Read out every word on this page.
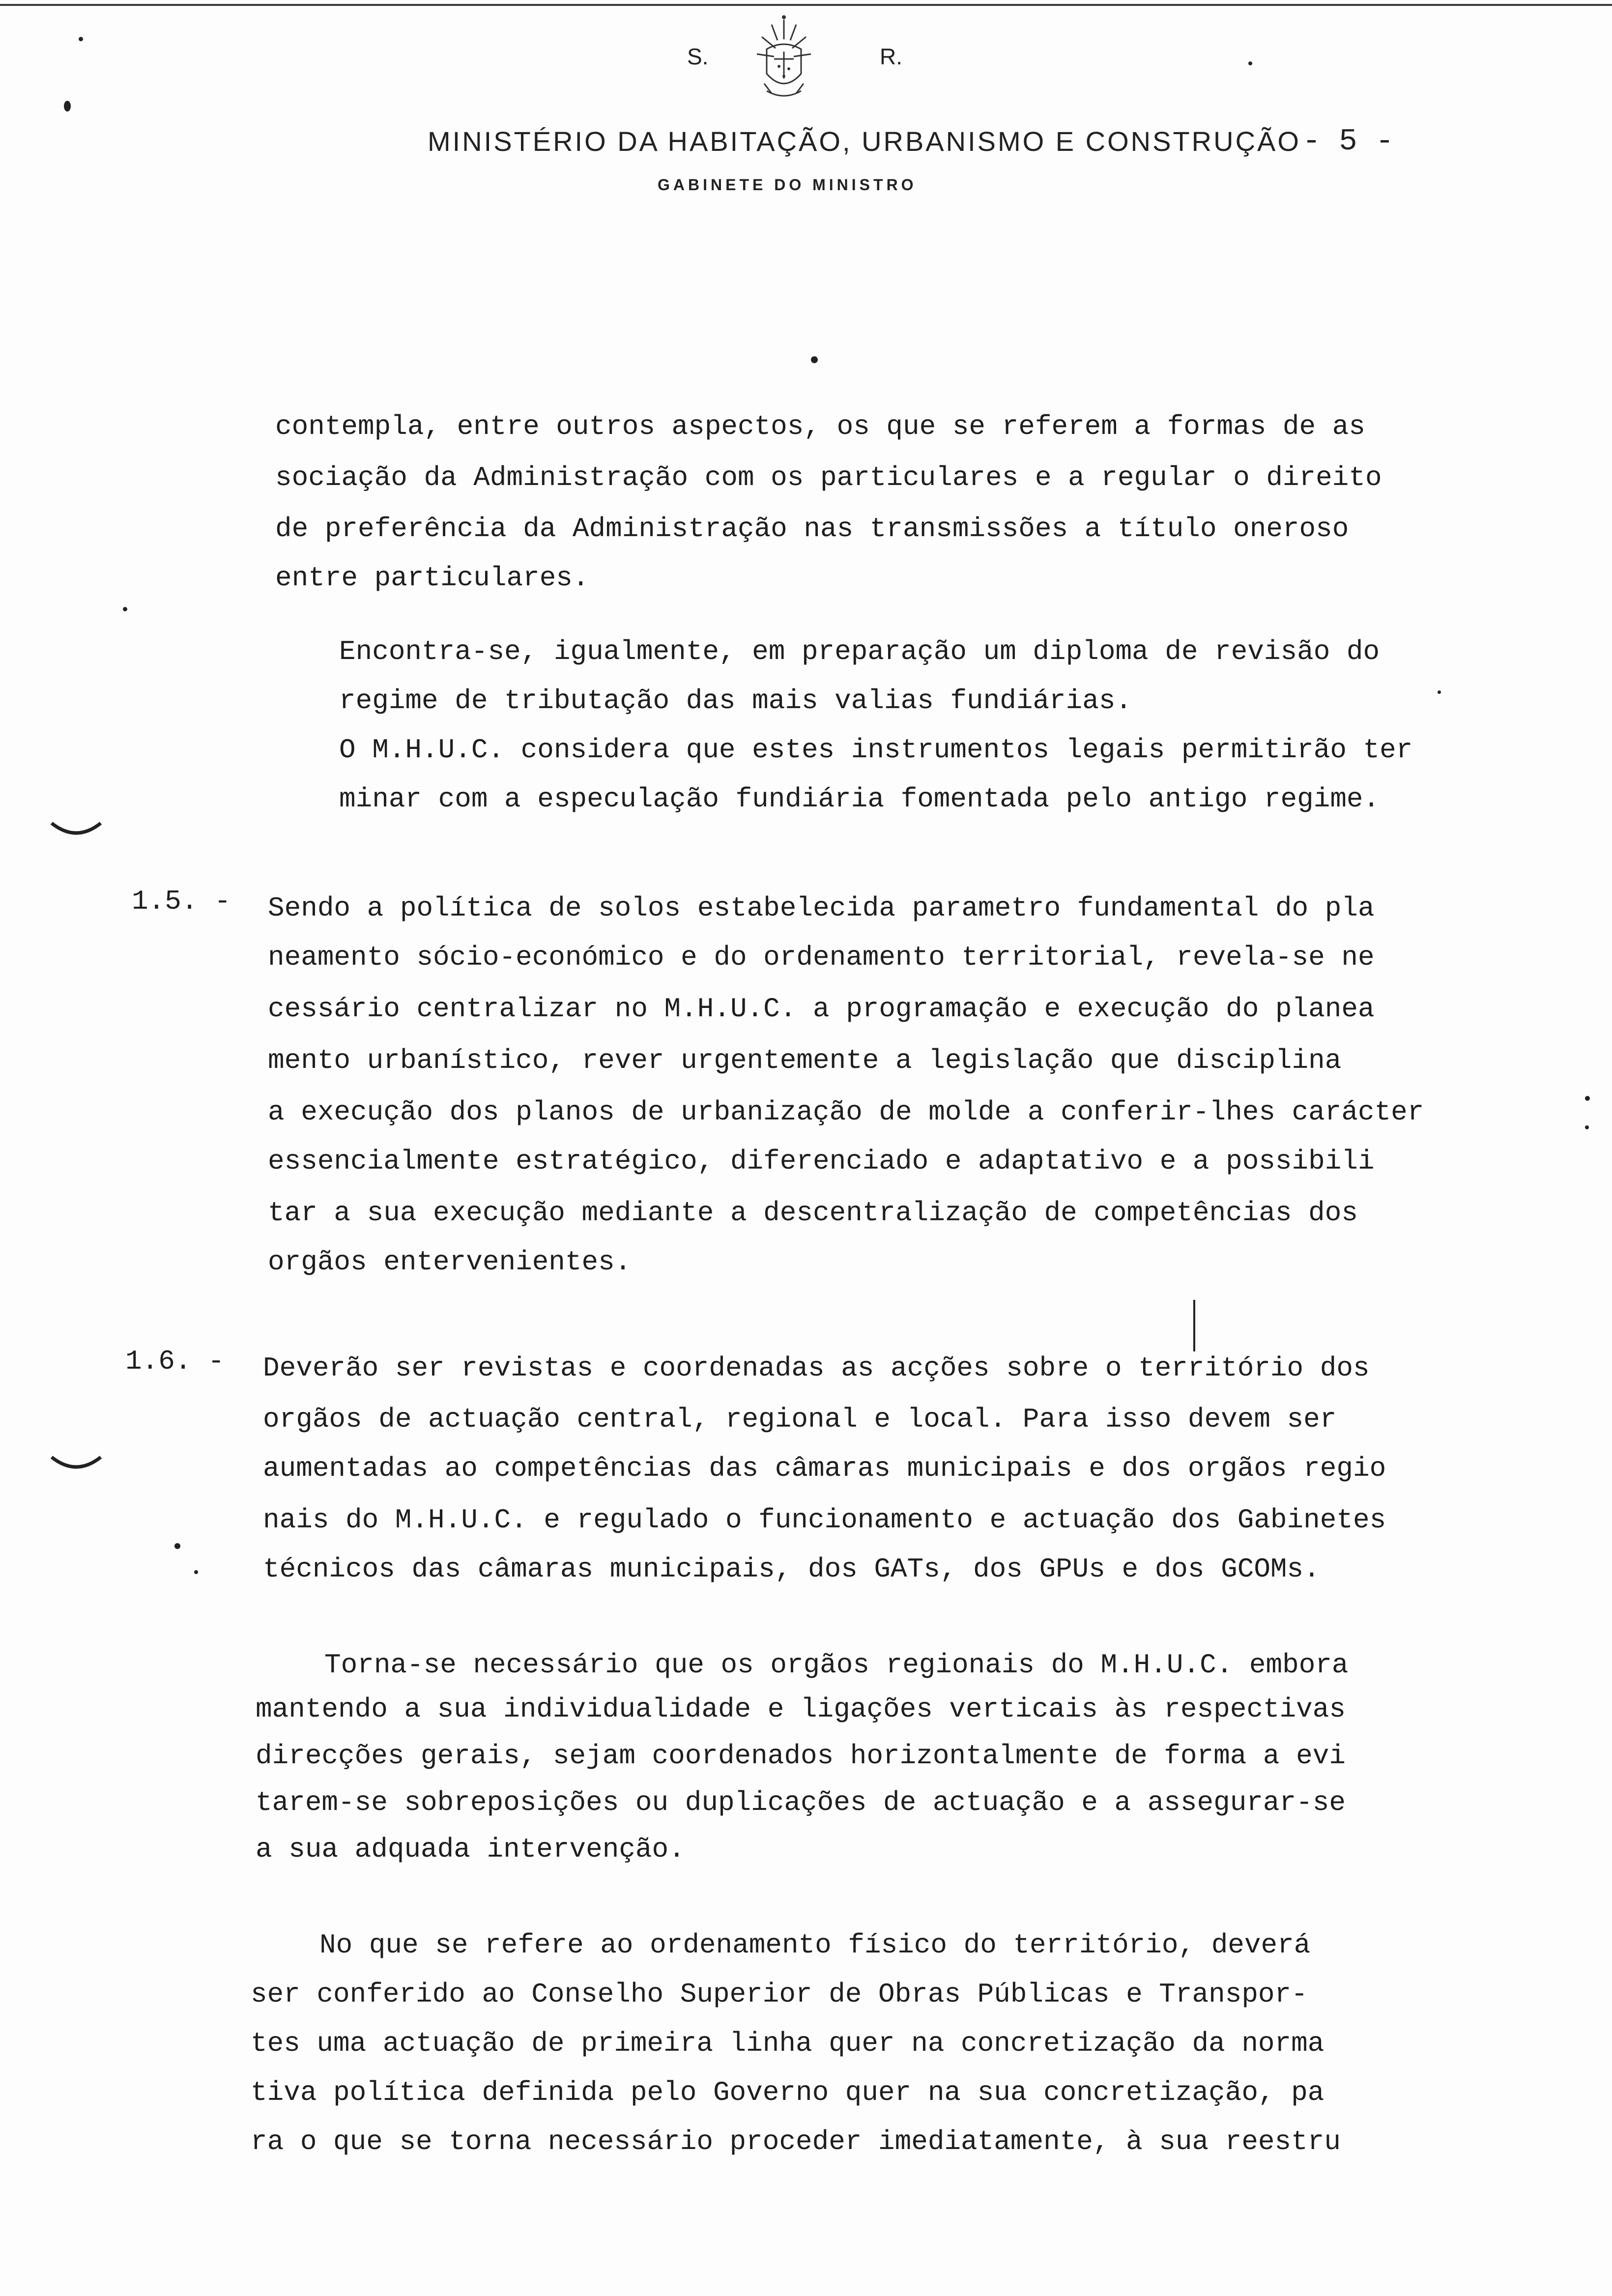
S.	R.
MINISTÉRIO DA HABITAÇÃO, URBANISMO E CONSTRUÇÃO
GABINETE DO MINISTRO
- 5 -
contempla, entre outros aspectos, os que se referem a formas de as
sociação da Administração com os particulares e a regular o direito
de preferência da Administração nas transmissões a título oneroso
entre particulares.
Encontra-se, igualmente, em preparação um diploma de revisão do
regime de tributação das mais valias fundiárias.
O M.H.U.C. considera que estes instrumentos legais permitirão ter
minar com a especulação fundiária fomentada pelo antigo regime.
1.5. - Sendo a política de solos estabelecida parametro fundamental do pla
neamento sócio-económico e do ordenamento territorial, revela-se ne
cessário centralizar no M.H.U.C. a programação e execução do planea
mento urbanístico, rever urgentemente a legislação que disciplina
a execução dos planos de urbanização de molde a conferir-lhes carácter
essencialmente estratégico, diferenciado e adaptativo e a possibili
tar a sua execução mediante a descentralização de competências dos
orgãos entervenientes.
1.6. - Deverão ser revistas e coordenadas as acções sobre o território dos
orgãos de actuação central, regional e local. Para isso devem ser
aumentadas ao competências das câmaras municipais e dos orgãos regio
nais do M.H.U.C. e regulado o funcionamento e actuação dos Gabinetes
técnicos das câmaras municipais, dos GATs, dos GPUs e dos GCOMs.
Torna-se necessário que os orgãos regionais do M.H.U.C. embora
mantendo a sua individualidade e ligações verticais às respectivas
direcções gerais, sejam coordenados horizontalmente de forma a evi
tarem-se sobreposições ou duplicações de actuação e a assegurar-se
a sua adquada intervenção.
No que se refere ao ordenamento físico do território, deverá
ser conferido ao Conselho Superior de Obras Públicas e Transpor-
tes uma actuação de primeira linha quer na concretização da norma
tiva política definida pelo Governo quer na sua concretização, pa
ra o que se torna necessário proceder imediatamente, à sua reestru
